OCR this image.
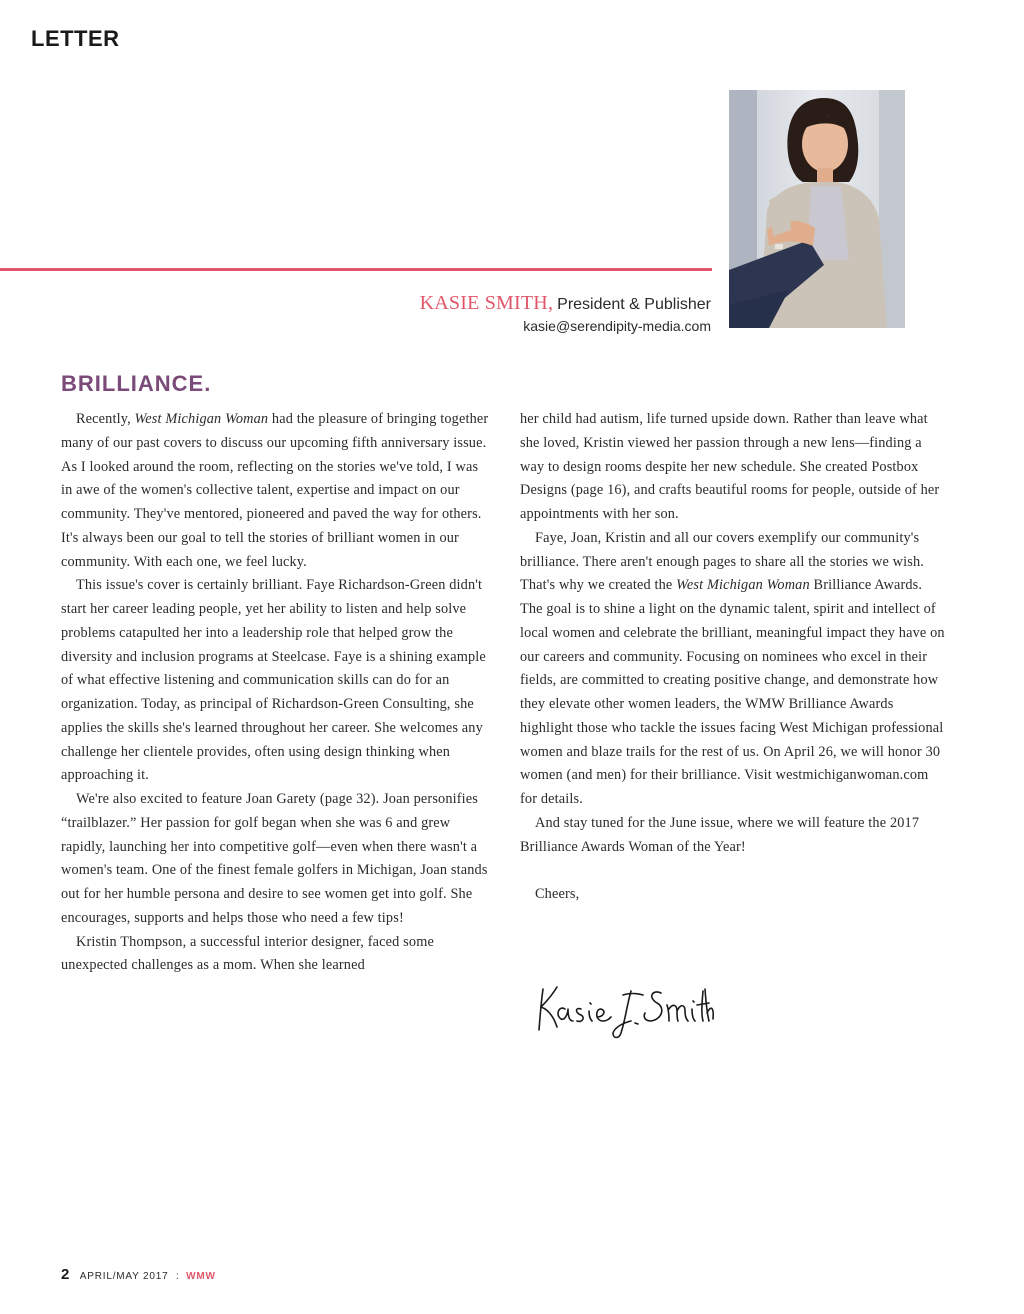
LETTER
KASIE SMITH, President & Publisher
kasie@serendipity-media.com
BRILLIANCE.

Recently, West Michigan Woman had the pleasure of bringing together many of our past covers to discuss our upcoming fifth anniversary issue. As I looked around the room, reflecting on the stories we've told, I was in awe of the women's collective talent, expertise and impact on our community. They've mentored, pioneered and paved the way for others. It's always been our goal to tell the stories of brilliant women in our community. With each one, we feel lucky.

This issue's cover is certainly brilliant. Faye Richardson-Green didn't start her career leading people, yet her ability to listen and help solve problems catapulted her into a leadership role that helped grow the diversity and inclusion programs at Steelcase. Faye is a shining example of what effective listening and communication skills can do for an organization. Today, as principal of Richardson-Green Consulting, she applies the skills she's learned throughout her career. She welcomes any challenge her clientele provides, often using design thinking when approaching it.

We're also excited to feature Joan Garety (page 32). Joan personifies “trailblazer.” Her passion for golf began when she was 6 and grew rapidly, launching her into competitive golf—even when there wasn't a women's team. One of the finest female golfers in Michigan, Joan stands out for her humble persona and desire to see women get into golf. She encourages, supports and helps those who need a few tips!

Kristin Thompson, a successful interior designer, faced some unexpected challenges as a mom. When she learned

her child had autism, life turned upside down. Rather than leave what she loved, Kristin viewed her passion through a new lens—finding a way to design rooms despite her new schedule. She created Postbox Designs (page 16), and crafts beautiful rooms for people, outside of her appointments with her son.

Faye, Joan, Kristin and all our covers exemplify our community's brilliance. There aren't enough pages to share all the stories we wish. That's why we created the West Michigan Woman Brilliance Awards. The goal is to shine a light on the dynamic talent, spirit and intellect of local women and celebrate the brilliant, meaningful impact they have on our careers and community. Focusing on nominees who excel in their fields, are committed to creating positive change, and demonstrate how they elevate other women leaders, the WMW Brilliance Awards highlight those who tackle the issues facing West Michigan professional women and blaze trails for the rest of us. On April 26, we will honor 30 women (and men) for their brilliance. Visit westmichiganwoman.com for details.

And stay tuned for the June issue, where we will feature the 2017 Brilliance Awards Woman of the Year!

Cheers,

2 APRIL/MAY 2017 : WMW
